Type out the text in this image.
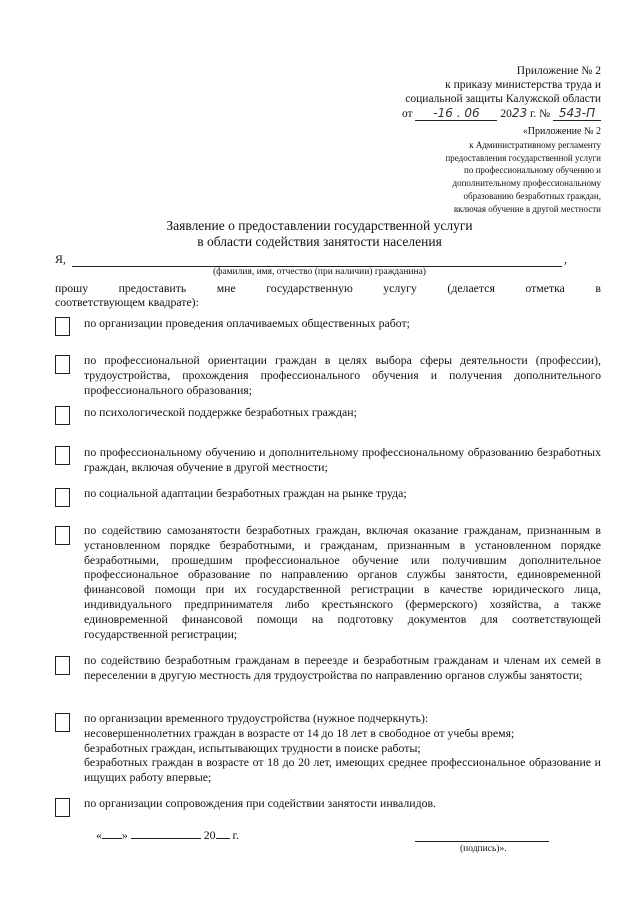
Приложение № 2
к приказу министерства труда и
социальной защиты Калужской области
от -16 . 06 2023 г. № 543-П
«Приложение № 2
к Административному регламенту
предоставления государственной услуги
по профессиональному обучению и
дополнительному профессиональному
образованию безработных граждан,
включая обучение в другой местности
Заявление о предоставлении государственной услуги
в области содействия занятости населения
Я,	,
(фамилия, имя, отчество (при наличии) гражданина)
прошу	предоставить	мне	государственную	услугу	(делается	отметка	в
соответствующем квадрате):
по организации проведения оплачиваемых общественных работ;
по профессиональной ориентации граждан в целях выбора сферы деятельности (профессии), трудоустройства, прохождения профессионального обучения и получения дополнительного профессионального образования;
по психологической поддержке безработных граждан;
по профессиональному обучению и дополнительному профессиональному образованию безработных граждан, включая обучение в другой местности;
по социальной адаптации безработных граждан на рынке труда;
по содействию самозанятости безработных граждан, включая оказание гражданам, признанным в установленном порядке безработными, и гражданам, признанным в установленном порядке безработными, прошедшим профессиональное обучение или получившим дополнительное профессиональное образование по направлению органов службы занятости, единовременной финансовой помощи при их государственной регистрации в качестве юридического лица, индивидуального предпринимателя либо крестьянского (фермерского) хозяйства, а также единовременной финансовой помощи на подготовку документов для соответствующей государственной регистрации;
по содействию безработным гражданам в переезде и безработным гражданам и членам их семей в переселении в другую местность для трудоустройства по направлению органов службы занятости;
по организации временного трудоустройства (нужное подчеркнуть):
несовершеннолетних граждан в возрасте от 14 до 18 лет в свободное от учебы время;
безработных граждан, испытывающих трудности в поиске работы;
безработных граждан в возрасте от 18 до 20 лет, имеющих среднее профессиональное образование и ищущих работу впервые;
по организации сопровождения при содействии занятости инвалидов.
« »	20 г.
(подпись)».
